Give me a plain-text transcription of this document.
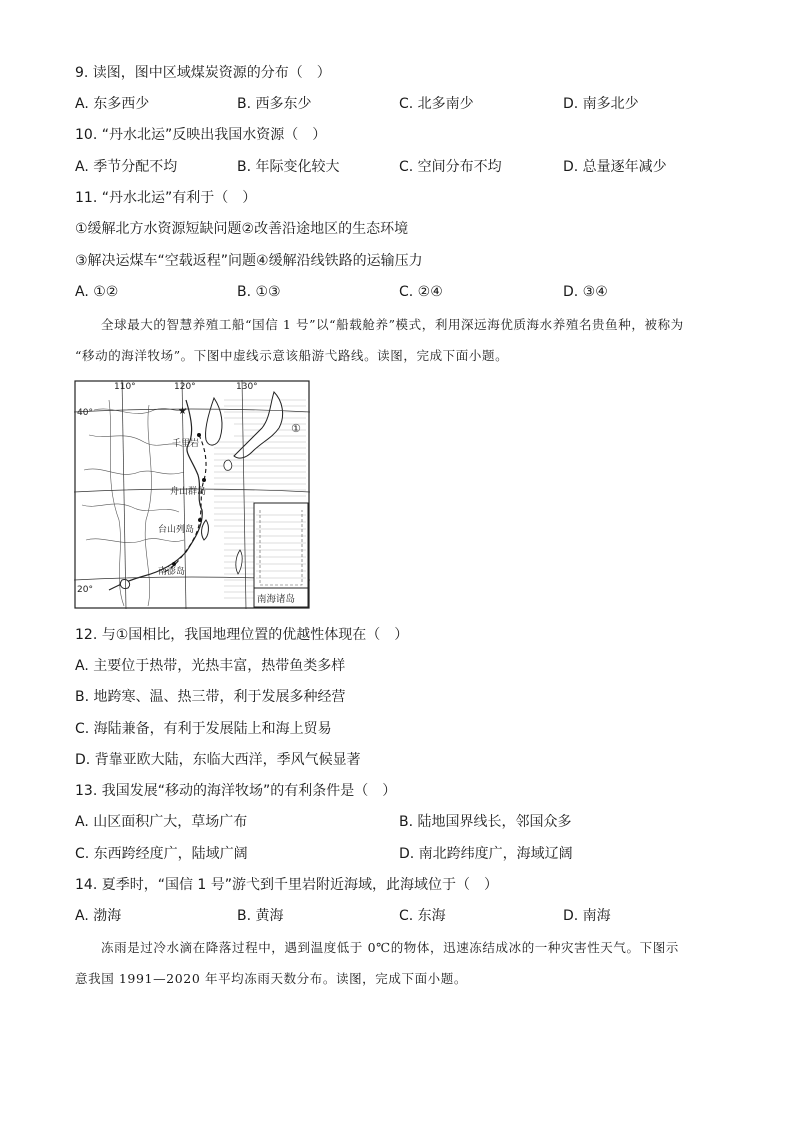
9. 读图，图中区域煤炭资源的分布（　）
A. 东多西少	B. 西多东少	C. 北多南少	D. 南多北少
10. “丹水北运”反映出我国水资源（　）
A. 季节分配不均	B. 年际变化较大	C. 空间分布不均	D. 总量逐年减少
11. “丹水北运”有利于（　）
①缓解北方水资源短缺问题②改善沿途地区的生态环境
③解决运煤车“空载返程”问题④缓解沿线铁路的运输压力
A. ①②	B. ①③	C. ②④	D. ③④
全球最大的智慧养殖工船“国信 1 号”以“船载舱养”模式，利用深远海优质海水养殖名贵鱼种，被称为
“移动的海洋牧场”。下图中虚线示意该船游弋路线。读图，完成下面小题。
★
110°	120°	130°
40°
20°
千里岩
舟山群岛
台山列岛
南澎岛
①
南海诸岛
12. 与①国相比，我国地理位置的优越性体现在（　）
A. 主要位于热带，光热丰富，热带鱼类多样
B. 地跨寒、温、热三带，利于发展多种经营
C. 海陆兼备，有利于发展陆上和海上贸易
D. 背靠亚欧大陆，东临大西洋，季风气候显著
13. 我国发展“移动的海洋牧场”的有利条件是（　）
A. 山区面积广大，草场广布	B. 陆地国界线长，邻国众多
C. 东西跨经度广，陆域广阔	D. 南北跨纬度广，海域辽阔
14. 夏季时，“国信 1 号”游弋到千里岩附近海域，此海域位于（　）
A. 渤海	B. 黄海	C. 东海	D. 南海
冻雨是过冷水滴在降落过程中，遇到温度低于 0℃的物体，迅速冻结成冰的一种灾害性天气。下图示
意我国 1991—2020 年平均冻雨天数分布。读图，完成下面小题。
